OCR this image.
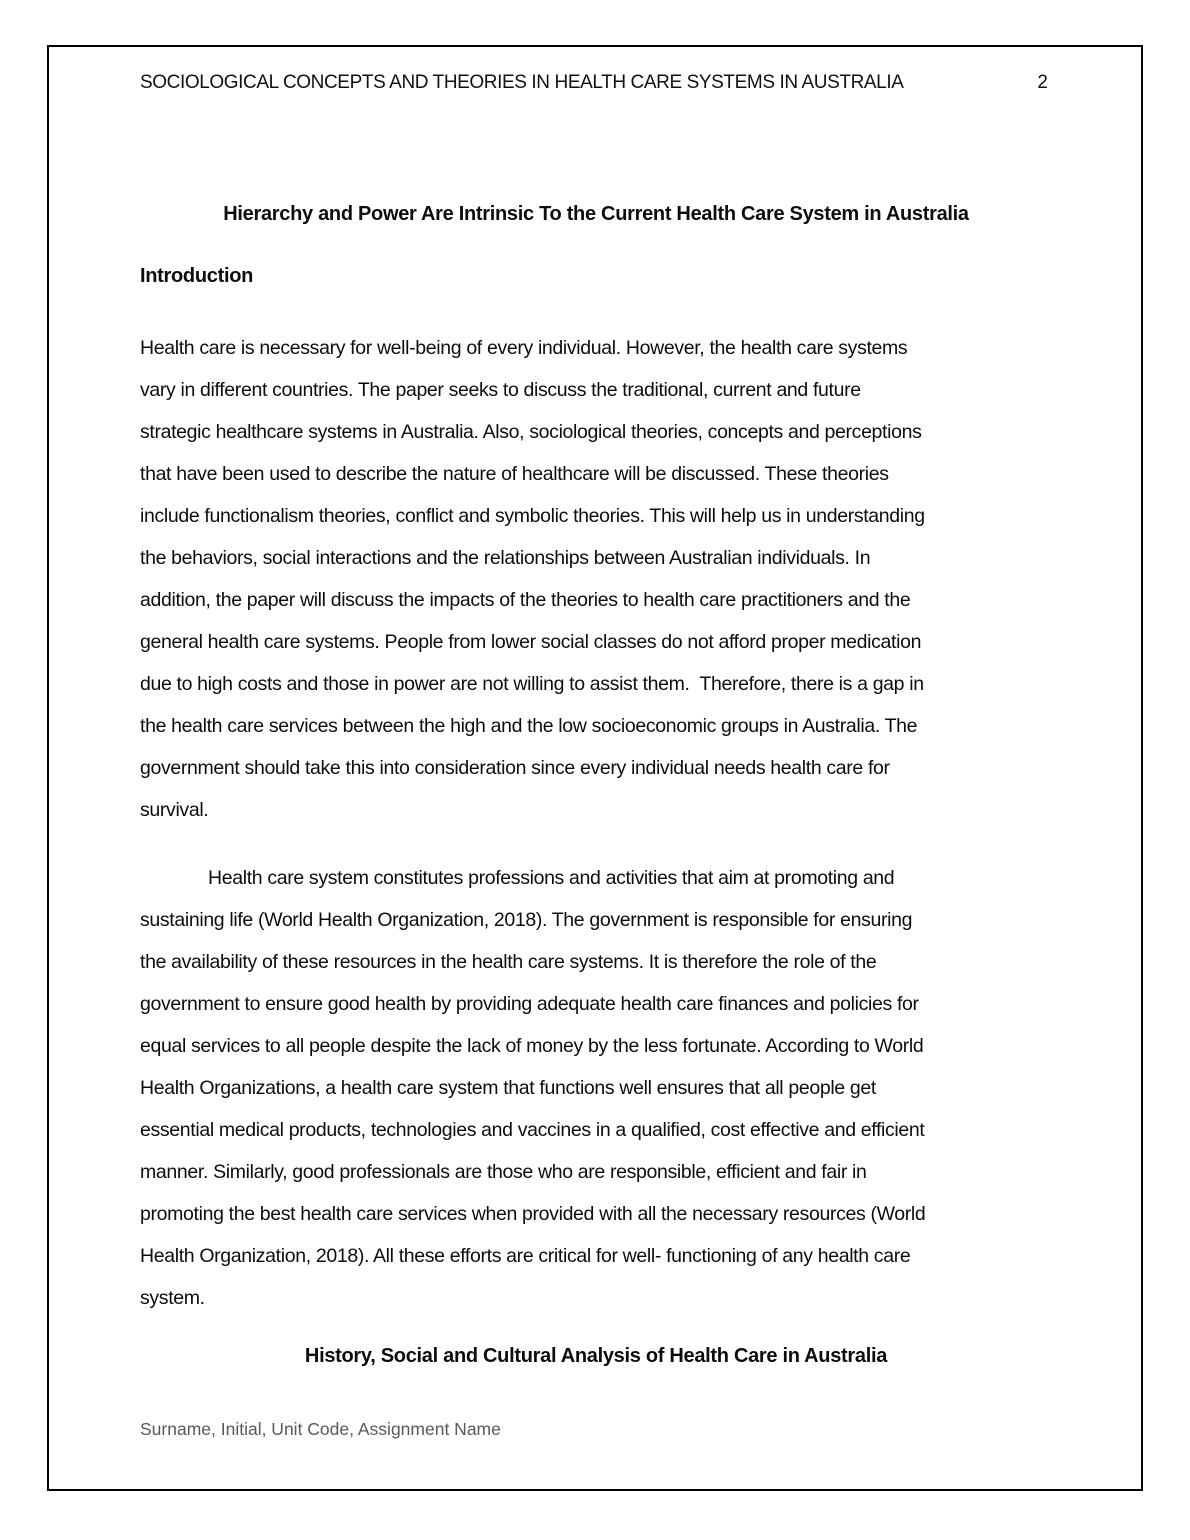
SOCIOLOGICAL CONCEPTS AND THEORIES IN HEALTH CARE SYSTEMS IN AUSTRALIA	2
Hierarchy and Power Are Intrinsic To the Current Health Care System in Australia
Introduction
Health care is necessary for well-being of every individual. However, the health care systems
vary in different countries. The paper seeks to discuss the traditional, current and future
strategic healthcare systems in Australia. Also, sociological theories, concepts and perceptions
that have been used to describe the nature of healthcare will be discussed. These theories
include functionalism theories, conflict and symbolic theories. This will help us in understanding
the behaviors, social interactions and the relationships between Australian individuals. In
addition, the paper will discuss the impacts of the theories to health care practitioners and the
general health care systems. People from lower social classes do not afford proper medication
due to high costs and those in power are not willing to assist them.  Therefore, there is a gap in
the health care services between the high and the low socioeconomic groups in Australia. The
government should take this into consideration since every individual needs health care for
survival.
Health care system constitutes professions and activities that aim at promoting and
sustaining life (World Health Organization, 2018). The government is responsible for ensuring
the availability of these resources in the health care systems. It is therefore the role of the
government to ensure good health by providing adequate health care finances and policies for
equal services to all people despite the lack of money by the less fortunate. According to World
Health Organizations, a health care system that functions well ensures that all people get
essential medical products, technologies and vaccines in a qualified, cost effective and efficient
manner. Similarly, good professionals are those who are responsible, efficient and fair in
promoting the best health care services when provided with all the necessary resources (World
Health Organization, 2018). All these efforts are critical for well- functioning of any health care
system.
History, Social and Cultural Analysis of Health Care in Australia
Surname, Initial, Unit Code, Assignment Name
